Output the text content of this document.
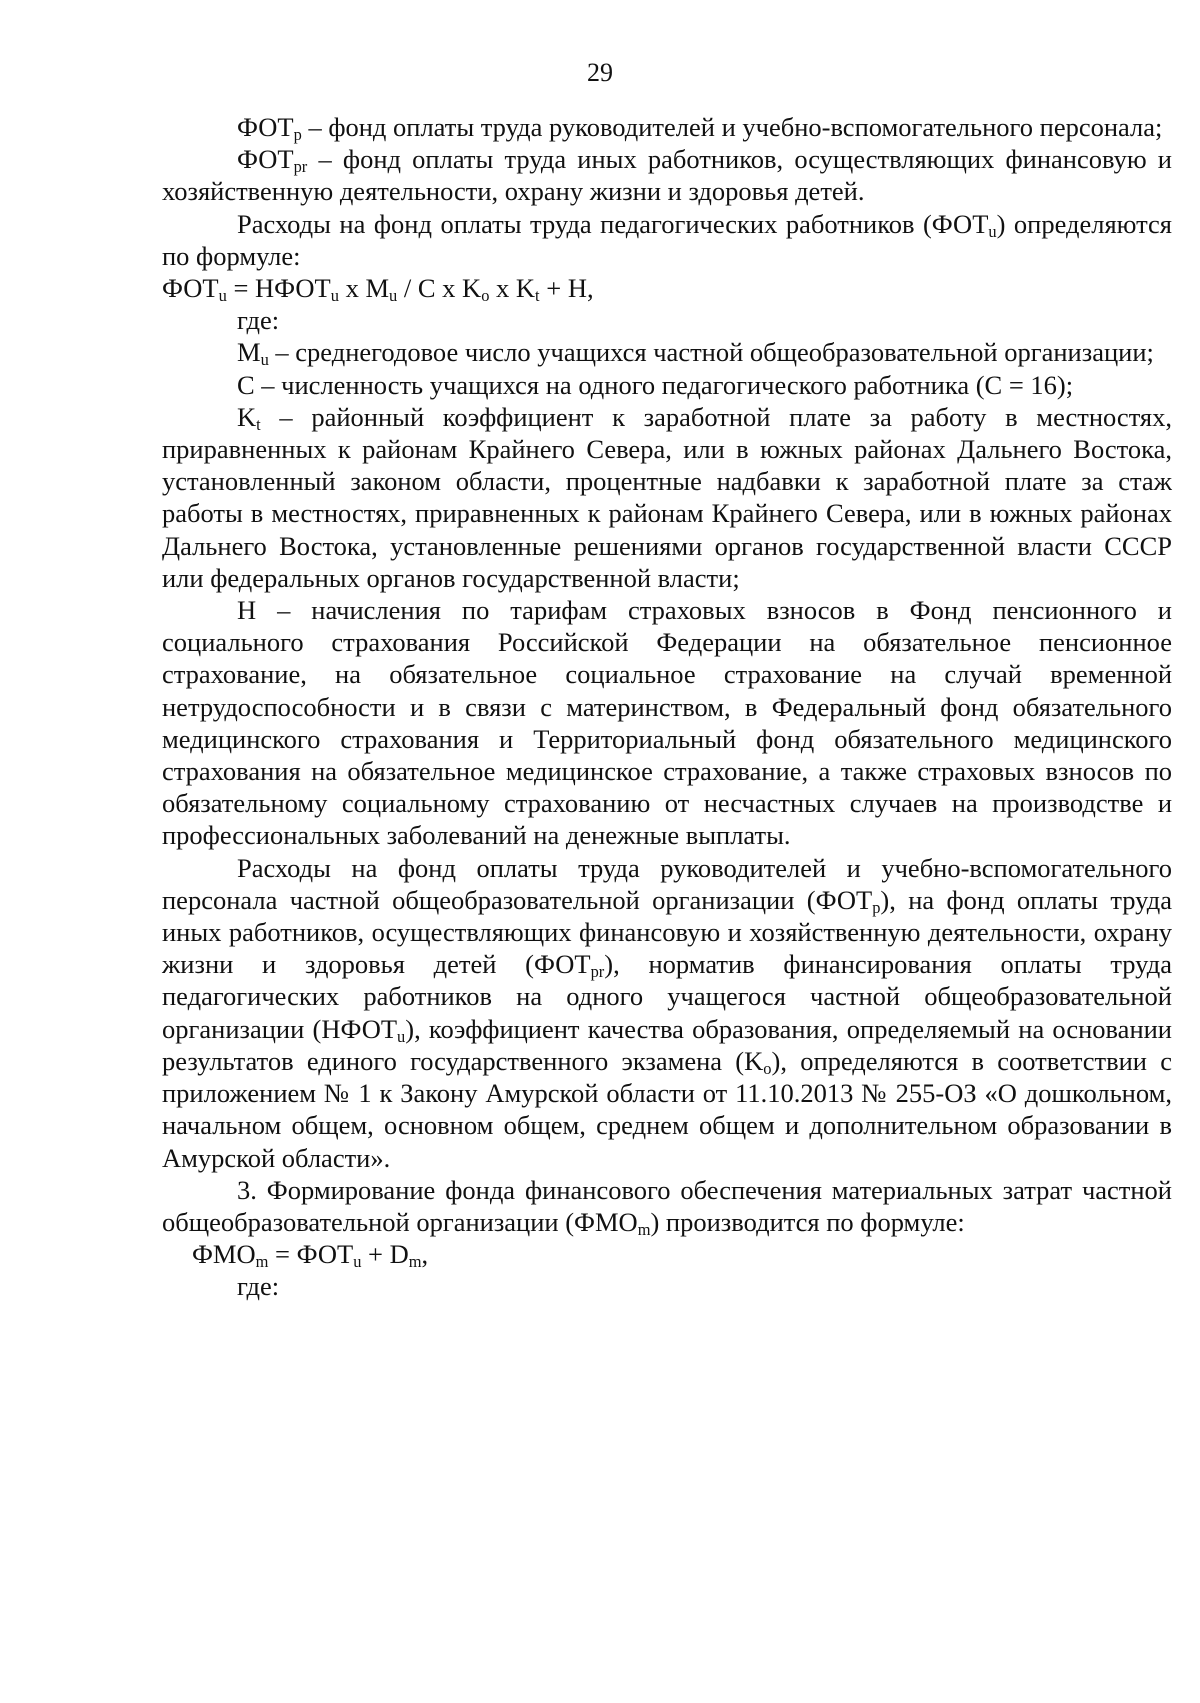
29

$ФОТ_р$ – фонд оплаты труда руководителей и учебно-вспомогательного персонала;

$ФОТ_{pr}$ – фонд оплаты труда иных работников, осуществляющих финансовую и хозяйственную деятельности, охрану жизни и здоровья детей.

Расходы на фонд оплаты труда педагогических работников $(ФОТ_u)$ определяются по формуле:

$ФОТ_u$ = $НФОТ_u$ x $M_u$ / C x $K_o$ x $K_t + H$,

где:

$M_u$ – среднегодовое число учащихся частной общеобразовательной организации;

С – численность учащихся на одного педагогического работника (С = 16);

$K_t$ – районный коэффициент к заработной плате за работу в местностях, приравненных к районам Крайнего Севера, или в южных районах Дальнего Востока, установленный законом области, процентные надбавки к заработной плате за стаж работы в местностях, приравненных к районам Крайнего Севера, или в южных районах Дальнего Востока, установленные решениями органов государственной власти СССР или федеральных органов государственной власти;

Н – начисления по тарифам страховых взносов в Фонд пенсионного и социального страхования Российской Федерации на обязательное пенсионное страхование, на обязательное социальное страхование на случай временной нетрудоспособности и в связи с материнством, в Федеральный фонд обязательного медицинского страхования и Территориальный фонд обязательного медицинского страхования на обязательное медицинское страхование, а также страховых взносов по обязательному социальному страхованию от несчастных случаев на производстве и профессиональных заболеваний на денежные выплаты.

Расходы на фонд оплаты труда руководителей и учебно-вспомогательного персонала частной общеобразовательной организации $(ФОТ_р)$, на фонд оплаты труда иных работников, осуществляющих финансовую и хозяйственную деятельности, охрану жизни и здоровья детей $(ФОТ_{pr})$, норматив финансирования оплаты труда педагогических работников на одного учащегося частной общеобразовательной организации $(НФОТ_u)$, коэффициент качества образования, определяемый на основании результатов единого государственного экзамена $(K_o)$, определяются в соответствии с приложением № 1 к Закону Амурской области от 11.10.2013 № 255-ОЗ «О дошкольном, начальном общем, основном общем, среднем общем и дополнительном образовании в Амурской области».

3. Формирование фонда финансового обеспечения материальных затрат частной общеобразовательной организации $(ФМО_m)$ производится по формуле:

$ФМО_m = ФОТ_u + D_m$,

где:
